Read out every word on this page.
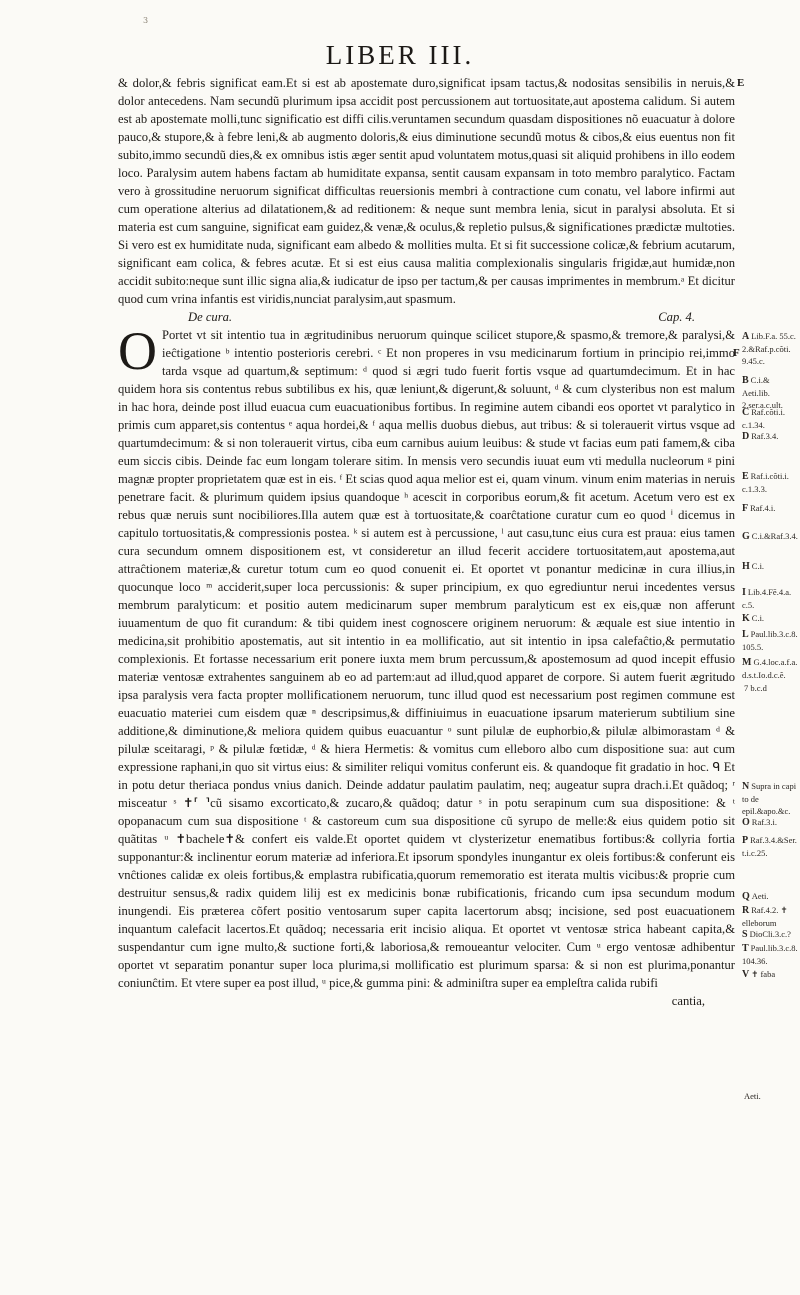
3
LIBER III.
E
F

& dolor,& febris significat eam.Et si est ab apostemate duro,significat ipsam tactus,& nodositas sensibilis in neruis,& dolor antecedens. Nam secundũ plurimum ipsa accidit post percussionem aut tortuositate,aut apostema calidum. Si autem est ab apostemate molli,tunc significatio est diffi cilis.veruntamen secundum quasdam dispositiones nõ euacuatur à dolore pauco,& stupore,& à febre leni,& ab augmento doloris,& eius diminutione secundũ motus & cibos,& eius euentus non fit subito,immo secundũ dies,& ex omnibus istis æger sentit apud voluntatem motus,quasi sit aliquid prohibens in illo eodem loco. Paralysim autem habens factam ab humiditate expansa, sentit causam expansam in toto membro paralytico. Factam vero à grossitudine neruorum significat difficultas reuersionis membri à contractione cum conatu, vel labore infirmi aut cum operatione alterius ad dilatationem,& ad reditionem: & neque sunt membra lenia, sicut in paralysi absoluta. Et si materia est cum sanguine, significat eam guidez,& venæ,& oculus,& repletio pulsus,& significationes prædictæ multoties. Si vero est ex humiditate nuda, significant eam albedo & mollities multa. Et si fit successione colicæ,& febrium acutarum, significant eam colica, & febres acutæ. Et si est eius causa malitia complexionalis singularis frigidæ,aut humidæ,non accidit subito:neque sunt illic signa alia,& iudicatur de ipso per tactum,& per causas imprimentes in membrum.ᵃ Et dicitur quod cum vrina infantis est viridis,nunciat paralysim,aut spasmum.

De cura.	Cap. 4.

O Portet vt sit intentio tua in ægritudinibus neruorum quinque scilicet stupore,& spasmo,& tremore,& paralysi,& ieĉtigatione ᵇ intentio posterioris cerebri. ᶜ Et non properes in vsu medicinarum fortium in principio rei,immo tarda vsque ad quartum,& septimum: ᵈ quod si ægri tudo fuerit fortis vsque ad quartumdecimum. Et in hac quidem hora sis contentus rebus subtilibus ex his, quæ leniunt,& digerunt,& soluunt, ᵈ & cum clysteribus non est malum in hac hora, deinde post illud euacua cum euacuationibus fortibus. In regimine autem cibandi eos oportet vt paralytico in primis cum apparet,sis contentus ᵉ aqua hordei,& ᶠ aqua mellis duobus diebus, aut tribus: & si tolerauerit virtus vsque ad quartumdecimum: & si non tolerauerit virtus, ciba eum carnibus auium leuibus: & stude vt facias eum pati famem,& ciba eum siccis cibis. Deinde fac eum longam tolerare sitim. In mensis vero secundis iuuat eum vti medulla nucleorum ᵍ pini magnæ propter proprietatem quæ est in eis. ᶠ Et scias quod aqua melior est ei, quam vinum. vinum enim materias in neruis penetrare facit. & plurimum quidem ipsius quandoque ʰ acescit in corporibus eorum,& fit acetum. Acetum vero est ex rebus quæ neruis sunt nocibiliores.Illa autem quæ est à tortuositate,& coarĉtatione curatur cum eo quod ⁱ dicemus in capitulo tortuositatis,& compressionis postea. ᵏ si autem est à percussione, ˡ aut casu,tunc eius cura est praua: eius tamen cura secundum omnem dispositionem est, vt consideretur an illud fecerit accidere tortuositatem,aut apostema,aut attraĉtionem materiæ,& curetur totum cum eo quod conuenit ei. Et oportet vt ponantur medicinæ in cura illius,in quocunque loco ᵐ acciderit,super loca percussionis: & super principium, ex quo egrediuntur nerui incedentes versus membrum paralyticum: et positio autem medicinarum super membrum paralyticum est ex eis,quæ non afferunt iuuamentum de quo fit curandum: & tibi quidem inest cognoscere originem neruorum: & æquale est siue intentio in medicina,sit prohibitio apostematis, aut sit intentio in ea mollificatio, aut sit intentio in ipsa calefaĉtio,& permutatio complexionis. Et fortasse necessarium erit ponere iuxta mem brum percussum,& apostemosum ad quod incepit effusio materiæ ventosæ extrahentes sanguinem ab eo ad partem:aut ad illud,quod apparet de corpore. Si autem fuerit ægritudo ipsa paralysis vera facta propter mollificationem neruorum, tunc illud quod est necessarium post regimen commune est euacuatio materiei cum eisdem quæ ⁿ descripsimus,& diffiniuimus in euacuatione ipsarum materierum subtilium sine additione,& diminutione,& meliora quidem quibus euacuantur ᵒ sunt pilulæ de euphorbio,& pilulæ albimorastam ᵈ & pilulæ sceitaragi, ᵖ & pilulæ fœtidæ, ᵈ & hiera Hermetis: & vomitus cum elleboro albo cum dispositione sua: aut cum expressione raphani,in quo sit virtus eius: & similiter reliqui vomitus conferunt eis. & quandoque fit gradatio in hoc. ᑫ Et in potu detur theriaca pondus vnius danich. Deinde addatur paulatim paulatim, neq; augeatur supra drach.i.Et quãdoq; ʳ misceatur ˢ ✝⸢ ⸣cũ sisamo excorticato,& zucaro,& quãdoq; datur ˢ in potu serapinum cum sua dispositione: & ᵗ opopanacum cum sua dispositione ᵗ & castoreum cum sua dispositione cũ syrupo de melle:& eius quidem potio sit quãtitas ᵘ ✝bachele✝& confert eis valde.Et oportet quidem vt clysterizetur enematibus fortibus:& collyria fortia supponantur:& inclinentur eorum materiæ ad inferiora.Et ipsorum spondyles inungantur ex oleis fortibus:& conferunt eis vnĉtiones calidæ ex oleis fortibus,& emplastra rubificatia,quorum rememoratio est iterata multis vicibus:& proprie cum destruitur sensus,& radix quidem lilij est ex medicinis bonæ rubificationis, fricando cum ipsa secundum modum inungendi. Eis præterea cõfert positio ventosarum super capita lacertorum absq; incisione, sed post euacuationem inquantum calefacit lacertos.Et quãdoq; necessaria erit incisio aliqua. Et oportet vt ventosæ strica habeant capita,& suspendantur cum igne multo,& suctione forti,& laboriosa,& remoueantur velociter. Cum ᵘ ergo ventosæ adhibentur oportet vt separatim ponantur super loca plurima,si mollificatio est plurimum sparsa: & si non est plurima,ponantur coniunĉtim. Et vtere super ea post illud, ᵘ pice,& gumma pini: & adminiſtra super ea empleſtra calida rubifi

cantia,
A Lib.F.a. 55.c. 2.&Raf.p.cõti. 9.45.c.
B C.i.& Aeti.lib. 2.ser.a.c.ult.
C Raf.cõti.i. c.1.34.
D Raf.3.4.
E Raf.i.cõti.i. c.1.3.3.
F Raf.4.i.
G C.i.&Raf.3.4.
H C.i.
I Lib.4.Fē.4.a. c.5.
K C.i.
L Paul.lib.3.c.8. 105.5.
M G.4.loc.a.f.a. d.s.t.Io.d.c.ẽ.
7 b.c.d
N Supra in capi to de epil.&apo.&c.
O Raf.3.i.
P Raf.3.4.&Ser. t.i.c.25.
Q Aeti.
R Raf.4.2. ✝ elleborum
S DioCli.3.c.?
T Paul.lib.3.c.8. 104.36.
V ✝ faba
Aeti.
